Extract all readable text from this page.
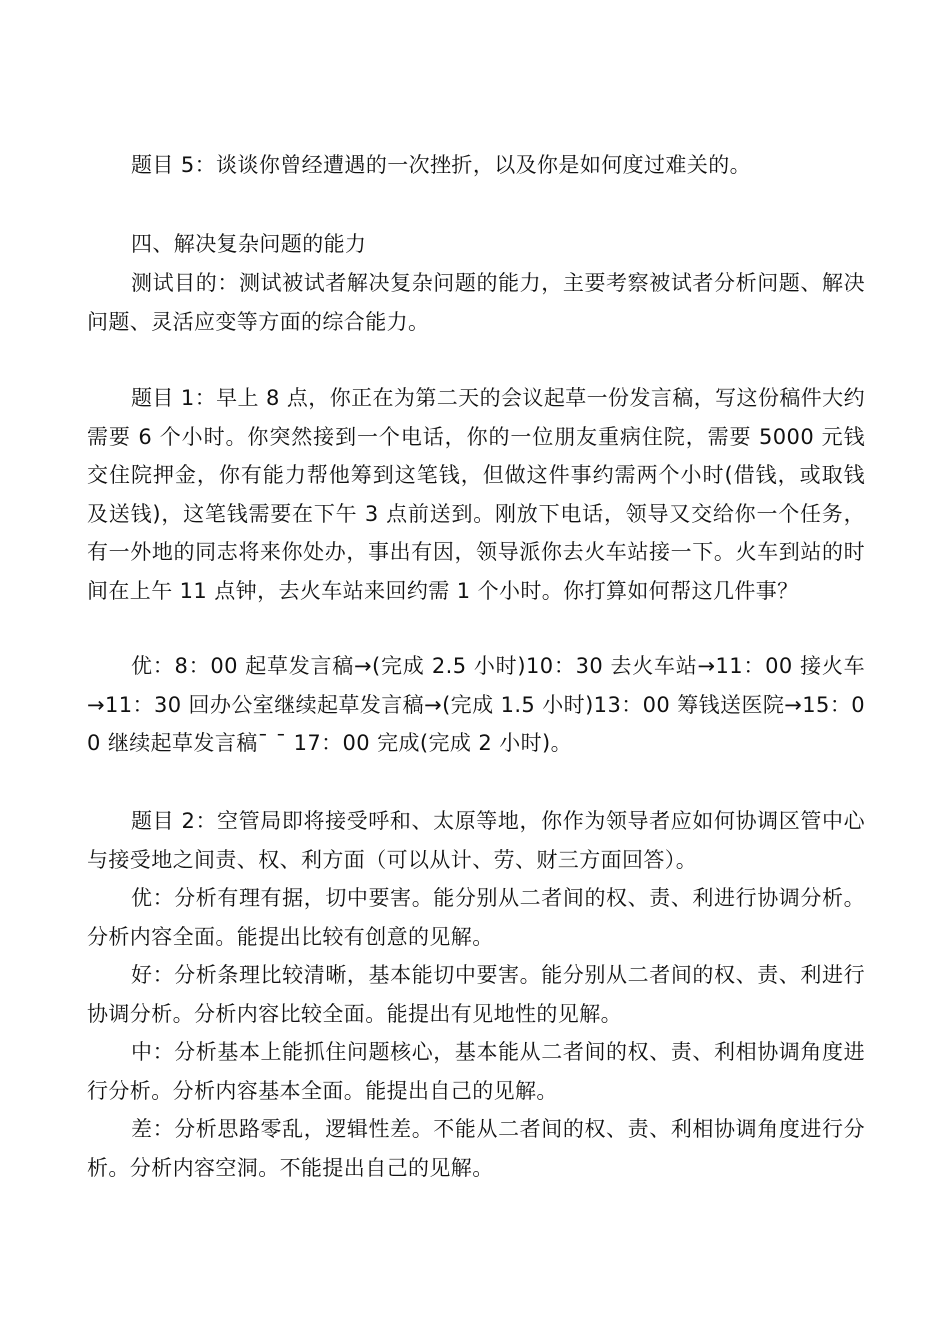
题目 5：谈谈你曾经遭遇的一次挫折，以及你是如何度过难关的。

四、解决复杂问题的能力

测试目的：测试被试者解决复杂问题的能力，主要考察被试者分析问题、解决问题、灵活应变等方面的综合能力。

题目 1：早上 8 点，你正在为第二天的会议起草一份发言稿，写这份稿件大约需要 6 个小时。你突然接到一个电话，你的一位朋友重病住院，需要 5000 元钱交住院押金，你有能力帮他筹到这笔钱，但做这件事约需两个小时(借钱，或取钱及送钱)，这笔钱需要在下午 3 点前送到。刚放下电话，领导又交给你一个任务，有一外地的同志将来你处办，事出有因，领导派你去火车站接一下。火车到站的时间在上午 11 点钟，去火车站来回约需 1 个小时。你打算如何帮这几件事？

优：8：00 起草发言稿→(完成 2.5 小时)10：30 去火车站→11：00 接火车→11：30 回办公室继续起草发言稿→(完成 1.5 小时)13：00 筹钱送医院→15：00 继续起草发言稿¯ ¯ 17：00 完成(完成 2 小时)。

题目 2：空管局即将接受呼和、太原等地，你作为领导者应如何协调区管中心与接受地之间责、权、利方面（可以从计、劳、财三方面回答）。

优：分析有理有据，切中要害。能分别从二者间的权、责、利进行协调分析。分析内容全面。能提出比较有创意的见解。

好：分析条理比较清晰，基本能切中要害。能分别从二者间的权、责、利进行协调分析。分析内容比较全面。能提出有见地性的见解。

中：分析基本上能抓住问题核心，基本能从二者间的权、责、利相协调角度进行分析。分析内容基本全面。能提出自己的见解。

差：分析思路零乱，逻辑性差。不能从二者间的权、责、利相协调角度进行分析。分析内容空洞。不能提出自己的见解。
